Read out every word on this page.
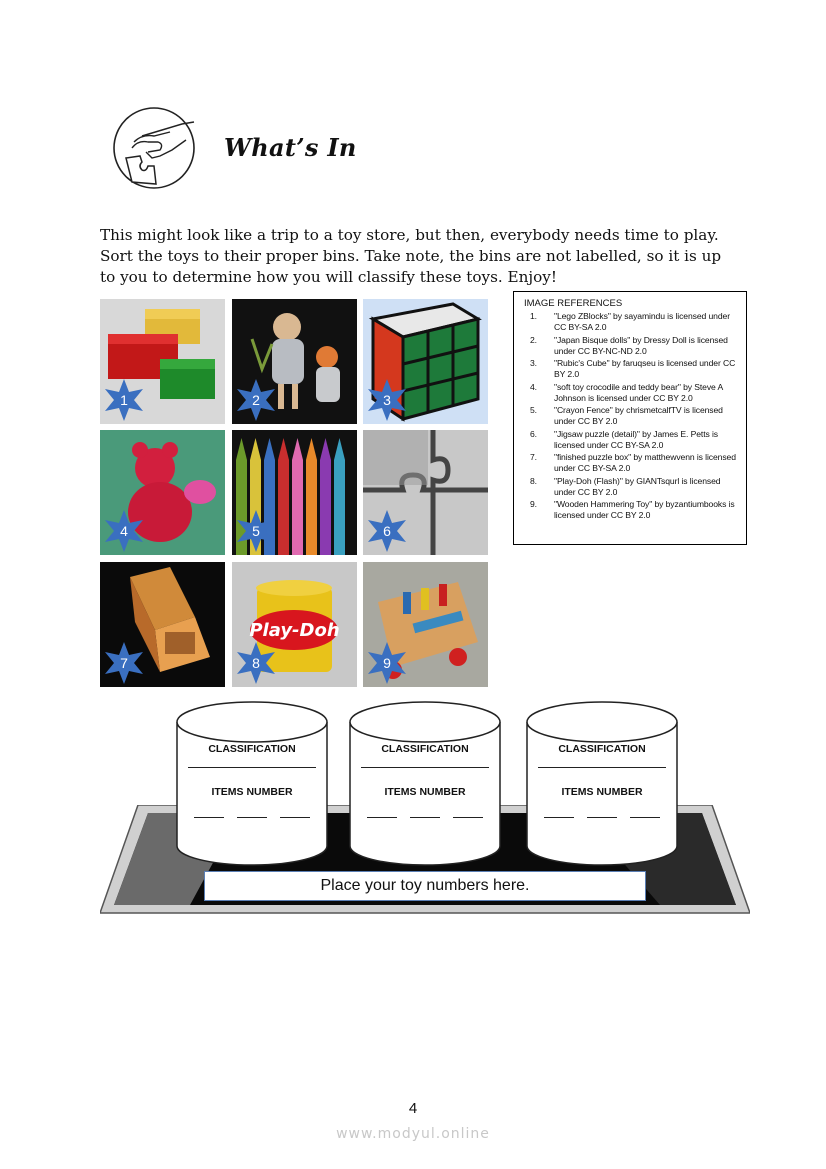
What’s In
This might look like a trip to a toy store, but then, everybody needs time to play. Sort the toys to their proper bins. Take note, the bins are not labelled, so it is up to you to determine how you will classify these toys. Enjoy!
1	2	3
4	5	6
7
Play-Doh
8	9
IMAGE REFERENCES
1.	"Lego ZBlocks" by sayamindu is licensed under CC BY-SA 2.0
2.	"Japan Bisque dolls" by Dressy Doll is licensed under CC BY-NC-ND 2.0
3.	"Rubic's Cube" by faruqseu is licensed under CC BY 2.0
4.	"soft toy crocodile and teddy bear" by Steve A Johnson is licensed under CC BY 2.0
5.	"Crayon Fence" by chrismetcalfTV is licensed under CC BY 2.0
6.	"Jigsaw puzzle (detail)" by James E. Petts is licensed under CC BY-SA 2.0
7.	"finished puzzle box" by matthewvenn is licensed under CC BY-SA 2.0
8.	"Play-Doh (Flash)" by GIANTsqurl is licensed under CC BY 2.0
9.	"Wooden Hammering Toy" by byzantiumbooks is licensed under CC BY 2.0
CLASSIFICATION
ITEMS NUMBER
CLASSIFICATION
ITEMS NUMBER
CLASSIFICATION
ITEMS NUMBER
Place your toy numbers here.
4
www.modyul.online
